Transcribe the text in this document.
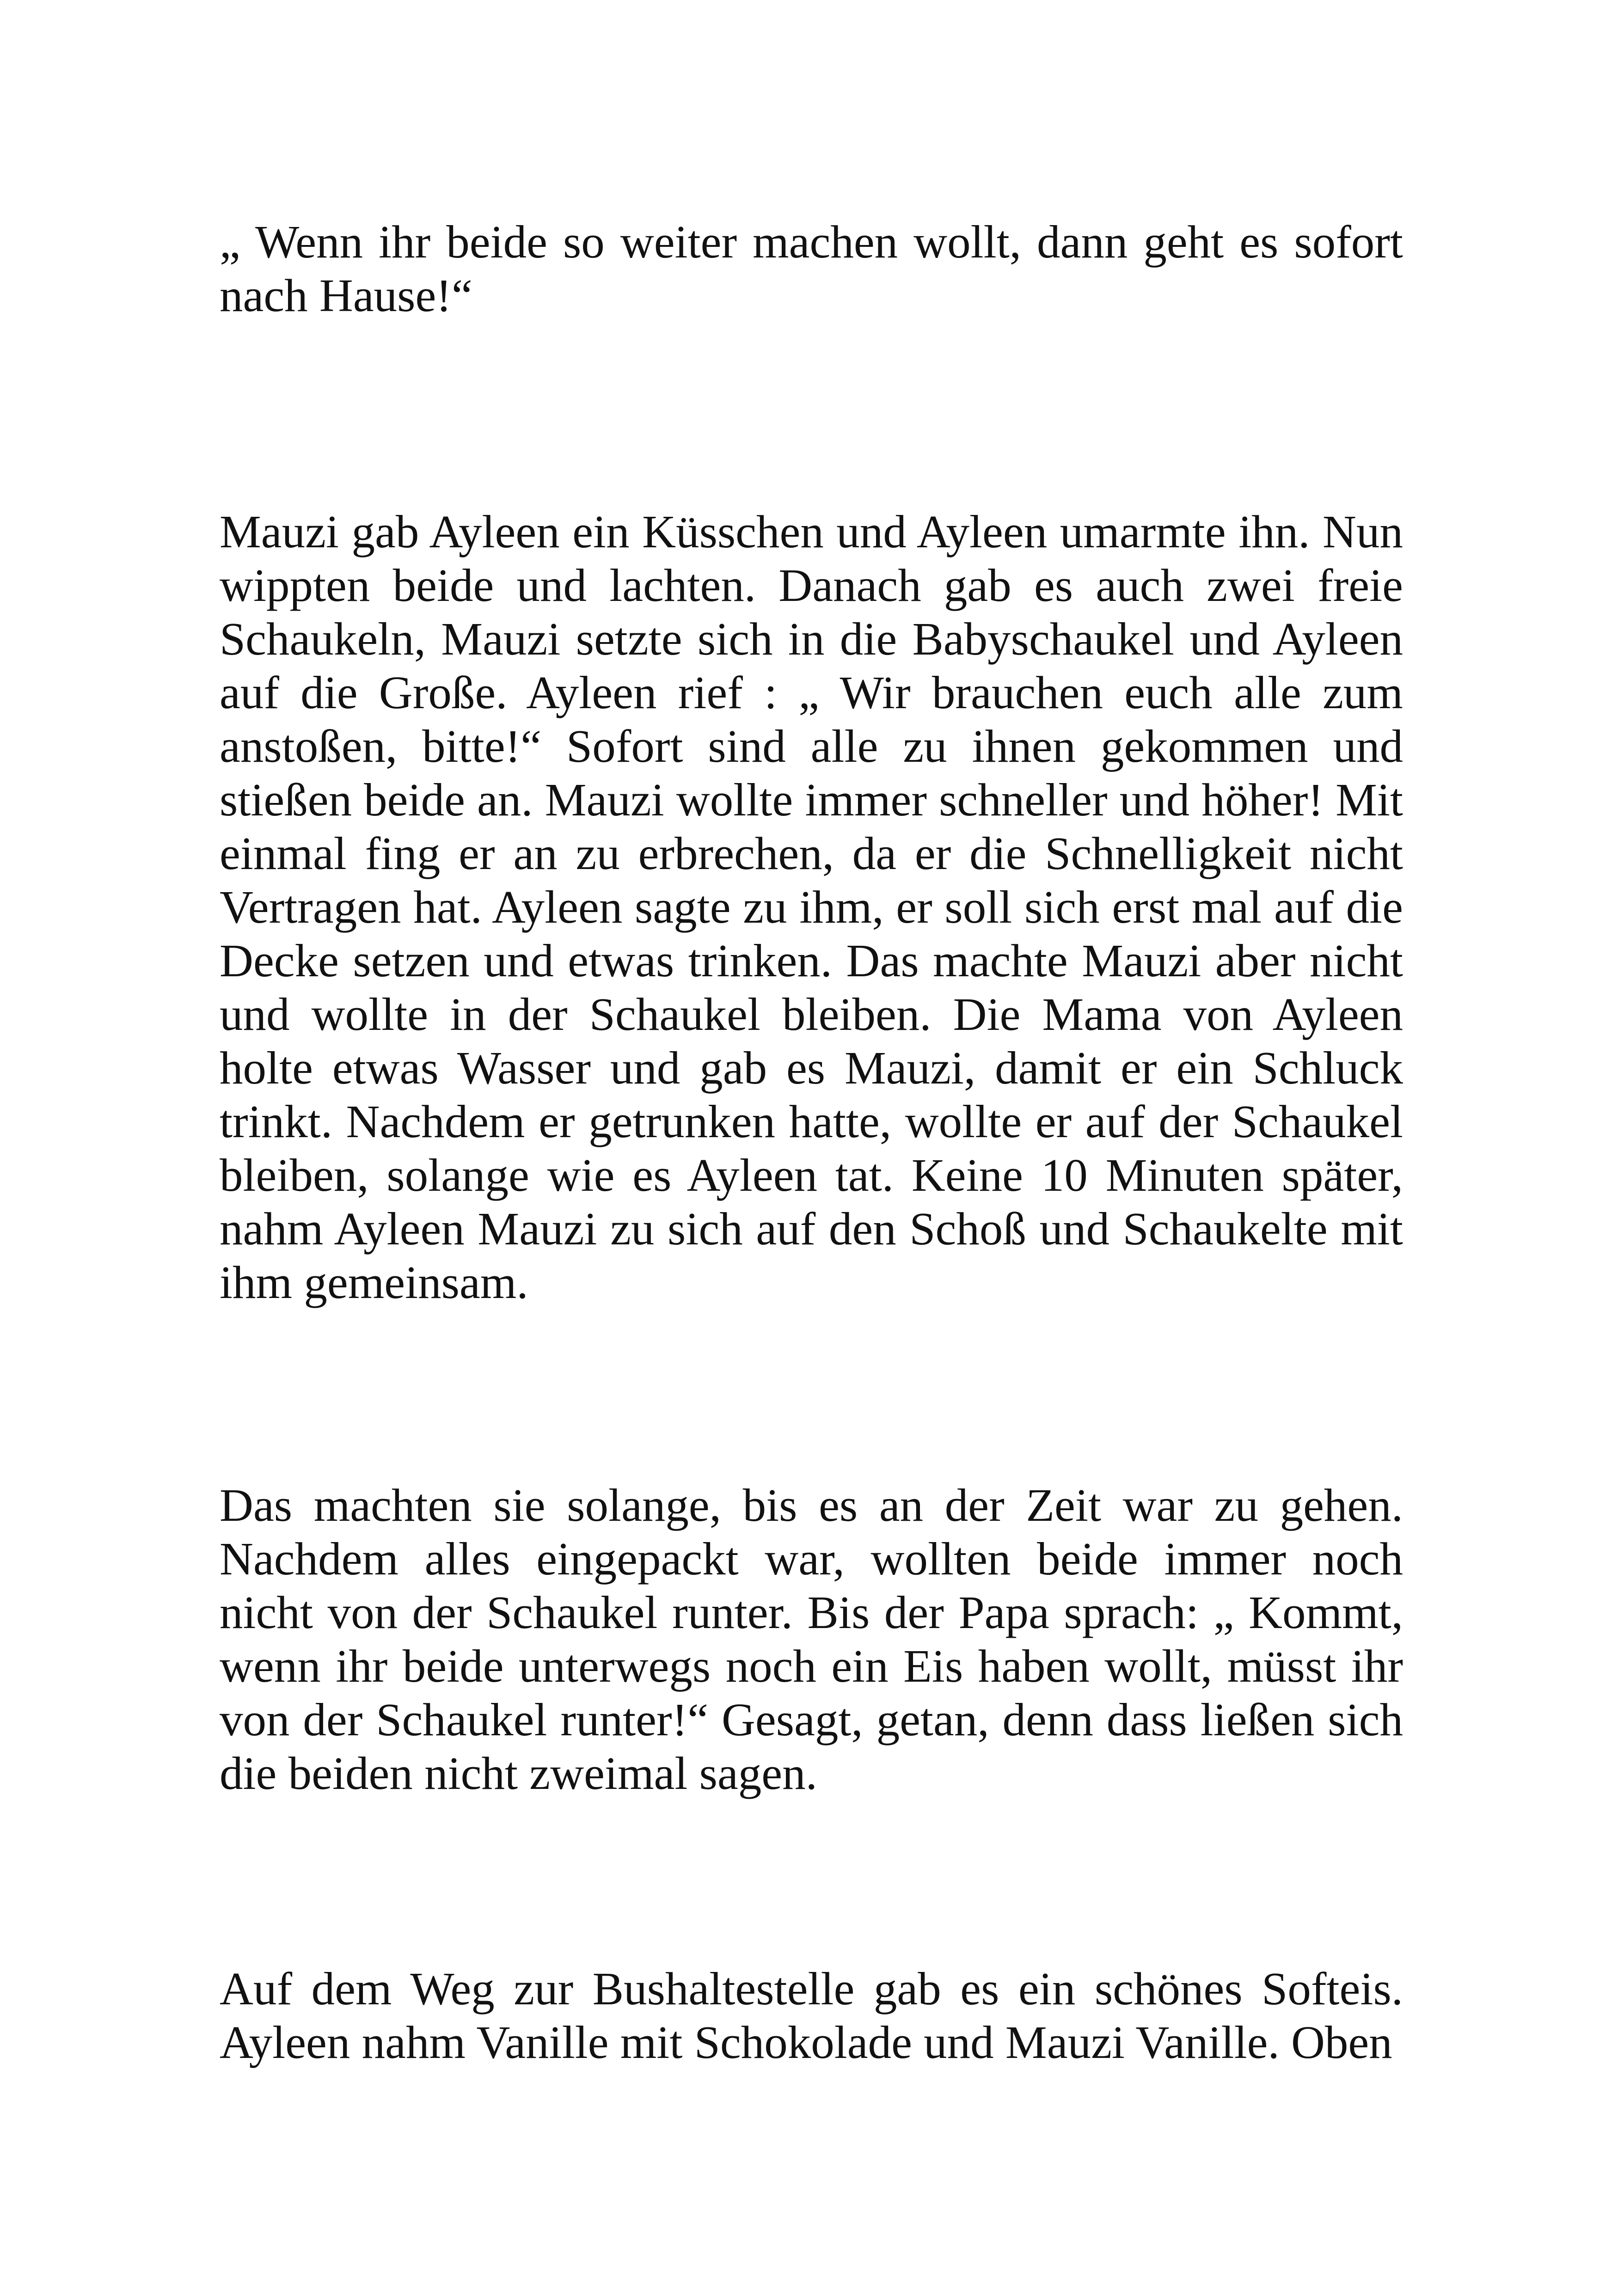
„ Wenn ihr beide so weiter machen wollt, dann geht es sofort nach Hause!“

Mauzi gab Ayleen ein Küsschen und Ayleen umarmte ihn. Nun wippten beide und lachten. Danach gab es auch zwei freie Schaukeln, Mauzi setzte sich in die Babyschaukel und Ayleen auf die Große. Ayleen rief : „ Wir brauchen euch alle zum anstoßen, bitte!“ Sofort sind alle zu ihnen gekommen und stießen beide an. Mauzi wollte immer schneller und höher! Mit einmal fing er an zu erbrechen, da er die Schnelligkeit nicht Vertragen hat. Ayleen sagte zu ihm, er soll sich erst mal auf die Decke setzen und etwas trinken. Das machte Mauzi aber nicht und wollte in der Schaukel bleiben. Die Mama von Ayleen holte etwas Wasser und gab es Mauzi, damit er ein Schluck trinkt. Nachdem er getrunken hatte, wollte er auf der Schaukel bleiben, solange wie es Ayleen tat. Keine 10 Minuten später, nahm Ayleen Mauzi zu sich auf den Schoß und Schaukelte mit ihm gemeinsam.

Das machten sie solange, bis es an der Zeit war zu gehen. Nachdem alles eingepackt war, wollten beide immer noch nicht von der Schaukel runter. Bis der Papa sprach: „ Kommt, wenn ihr beide unterwegs noch ein Eis haben wollt, müsst ihr von der Schaukel runter!“ Gesagt, getan, denn dass ließen sich die beiden nicht zweimal sagen.

Auf dem Weg zur Bushaltestelle gab es ein schönes Softeis. Ayleen nahm Vanille mit Schokolade und Mauzi Vanille. Oben
